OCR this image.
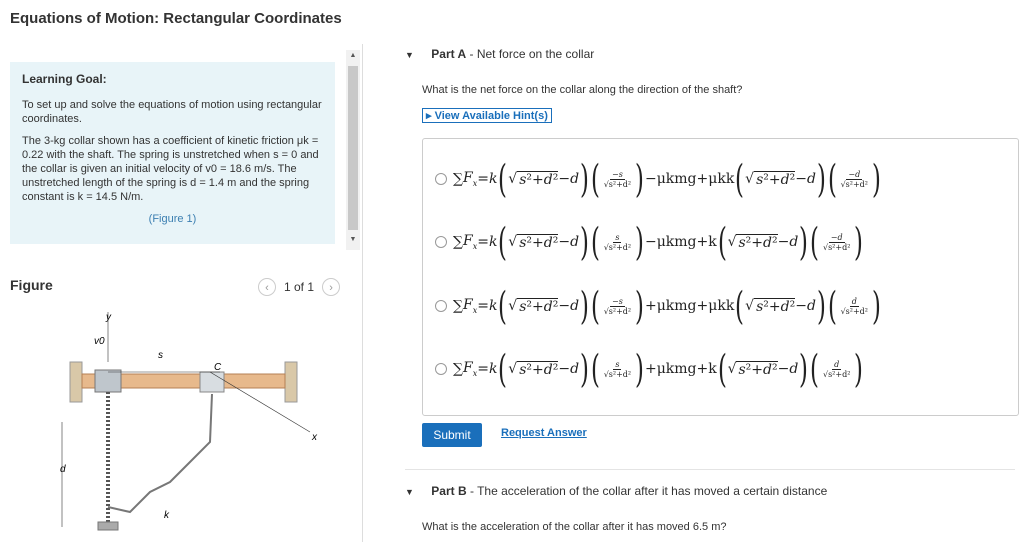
Equations of Motion: Rectangular Coordinates
Learning Goal:

To set up and solve the equations of motion using rectangular coordinates.

The 3-kg collar shown has a coefficient of kinetic friction μk = 0.22 with the shaft. The spring is unstretched when s = 0 and the collar is given an initial velocity of v0 = 18.6 m/s. The unstretched length of the spring is d = 1.4 m and the spring constant is k = 14.5 N/m.

(Figure 1)
▲
▼
Figure	‹	1 of 1	›
y
v0
s
C
x
d
k
▼ Part A - Net force on the collar
What is the net force on the collar along the direction of the shaft?
▸ View Available Hint(s)
∑ $F_x = k$ ( √ s²+d² − d ) ( $\frac{-s}{\text{√s²+d²}}$ ) −μkmg+μkk ( √ s²+d² − d ) ( $\frac{-d}{\text{√s²+d²}}$ )
∑ $F_x = k$ ( √ s²+d² − d ) ( $\frac{s}{\text{√s²+d²}}$ ) −μkmg+k ( √ s²+d² − d ) ( $\frac{-d}{\text{√s²+d²}}$ )
∑ $F_x = k$ ( √ s²+d² − d ) ( $\frac{-s}{\text{√s²+d²}}$ ) +μkmg+μkk ( √ s²+d² − d ) ( $\frac{d}{\text{√s²+d²}}$ )
∑ $F_x = k$ ( √ s²+d² − d ) ( $\frac{s}{\text{√s²+d²}}$ ) +μkmg+k ( √ s²+d² − d ) ( $\frac{d}{\text{√s²+d²}}$ )
Submit	Request Answer
▼ Part B - The acceleration of the collar after it has moved a certain distance
What is the acceleration of the collar after it has moved 6.5 m?
